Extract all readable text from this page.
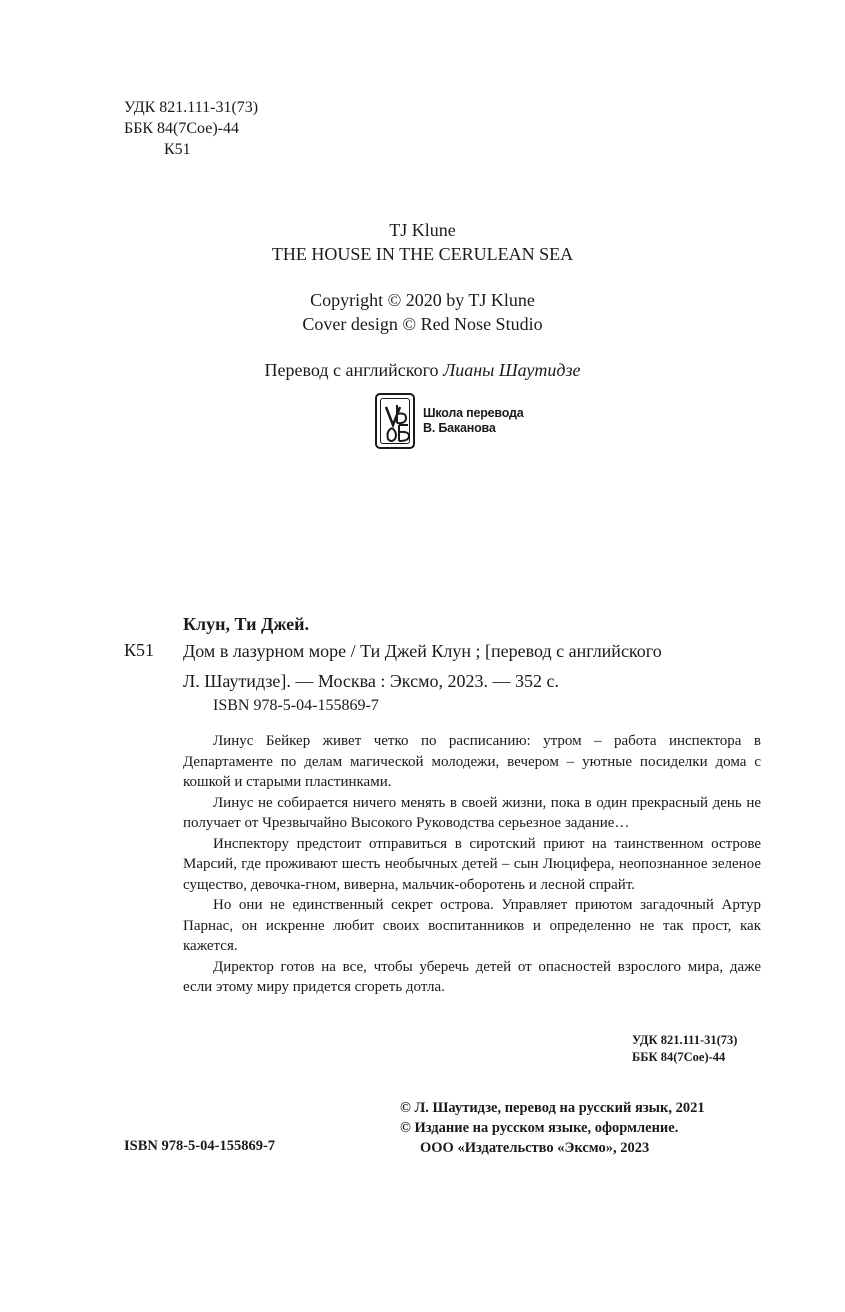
УДК 821.111-31(73)
ББК 84(7Сое)-44
К51
TJ Klune
THE HOUSE IN THE CERULEAN SEA
Copyright © 2020 by TJ Klune
Cover design © Red Nose Studio
Перевод с английского Лианы Шаутидзе
Школа перевода
В. Баканова
Клун, Ти Джей.
К51 Дом в лазурном море / Ти Джей Клун ; [перевод с английского
Л. Шаутидзе]. — Москва : Эксмо, 2023. — 352 с.
ISBN 978-5-04-155869-7

Линус Бейкер живет четко по расписанию: утром – работа инспектора в Департаменте по делам магической молодежи, вечером – уютные посиделки дома с кошкой и старыми пластинками.

Линус не собирается ничего менять в своей жизни, пока в один прекрасный день не получает от Чрезвычайно Высокого Руководства серьезное задание…

Инспектору предстоит отправиться в сиротский приют на таинственном острове Марсий, где проживают шесть необычных детей – сын Люцифера, неопознанное зеленое существо, девочка-гном, виверна, мальчик-оборотень и лесной спрайт.

Но они не единственный секрет острова. Управляет приютом загадочный Артур Парнас, он искренне любит своих воспитанников и определенно не так прост, как кажется.

Директор готов на все, чтобы уберечь детей от опасностей взрослого мира, даже если этому миру придется сгореть дотла.

УДК 821.111-31(73)
ББК 84(7Сое)-44
© Л. Шаутидзе, перевод на русский язык, 2021
© Издание на русском языке, оформление.
ООО «Издательство «Эксмо», 2023
ISBN 978-5-04-155869-7
